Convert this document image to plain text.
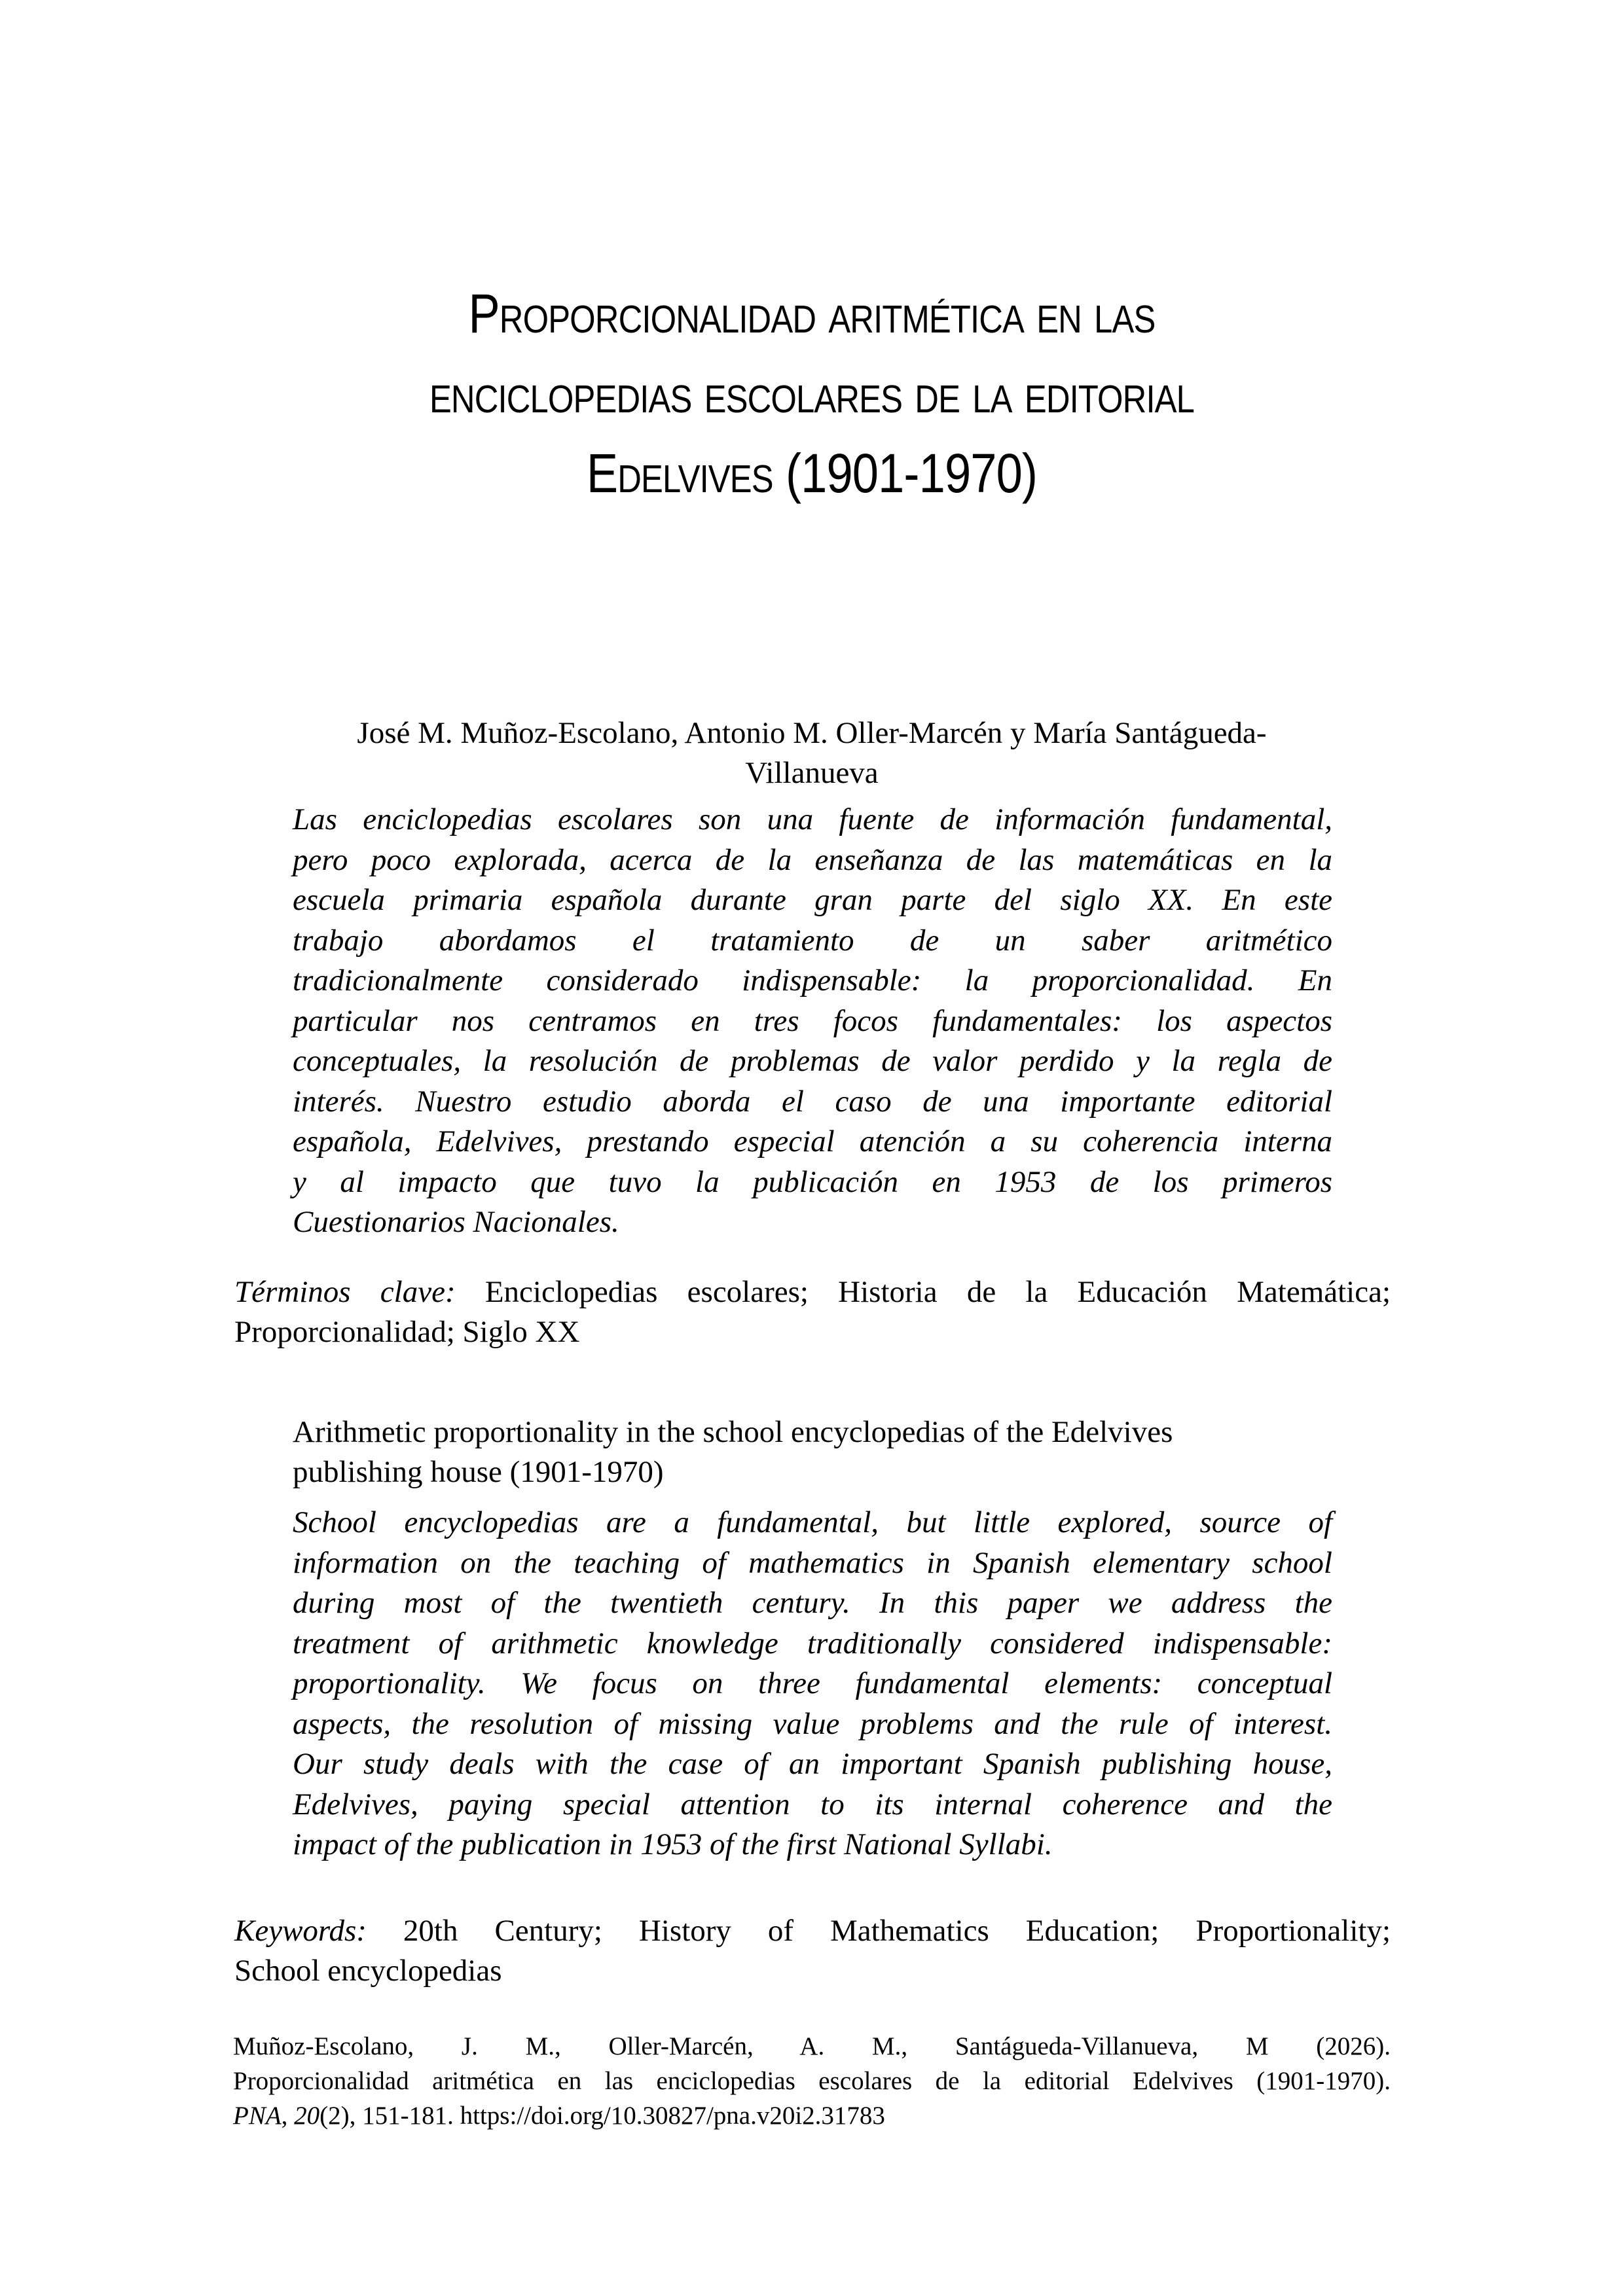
Proporcionalidad aritmética en las
enciclopedias escolares de la editorial
Edelvives (1901-1970)
José M. Muñoz-Escolano, Antonio M. Oller-Marcén y María Santágueda-
Villanueva
Las enciclopedias escolares son una fuente de información fundamental,
pero poco explorada, acerca de la enseñanza de las matemáticas en la
escuela primaria española durante gran parte del siglo XX. En este
trabajo abordamos el tratamiento de un saber aritmético
tradicionalmente considerado indispensable: la proporcionalidad. En
particular nos centramos en tres focos fundamentales: los aspectos
conceptuales, la resolución de problemas de valor perdido y la regla de
interés. Nuestro estudio aborda el caso de una importante editorial
española, Edelvives, prestando especial atención a su coherencia interna
y al impacto que tuvo la publicación en 1953 de los primeros
Cuestionarios Nacionales.
Términos clave: Enciclopedias escolares; Historia de la Educación Matemática;
Proporcionalidad; Siglo XX
Arithmetic proportionality in the school encyclopedias of the Edelvives
publishing house (1901-1970)
School encyclopedias are a fundamental, but little explored, source of
information on the teaching of mathematics in Spanish elementary school
during most of the twentieth century. In this paper we address the
treatment of arithmetic knowledge traditionally considered indispensable:
proportionality. We focus on three fundamental elements: conceptual
aspects, the resolution of missing value problems and the rule of interest.
Our study deals with the case of an important Spanish publishing house,
Edelvives, paying special attention to its internal coherence and the
impact of the publication in 1953 of the first National Syllabi.
Keywords: 20th Century; History of Mathematics Education; Proportionality;
School encyclopedias
Muñoz-Escolano, J. M., Oller-Marcén, A. M., Santágueda-Villanueva, M (2026).
Proporcionalidad aritmética en las enciclopedias escolares de la editorial Edelvives (1901-1970).
PNA, 20(2), 151-181. https://doi.org/10.30827/pna.v20i2.31783
